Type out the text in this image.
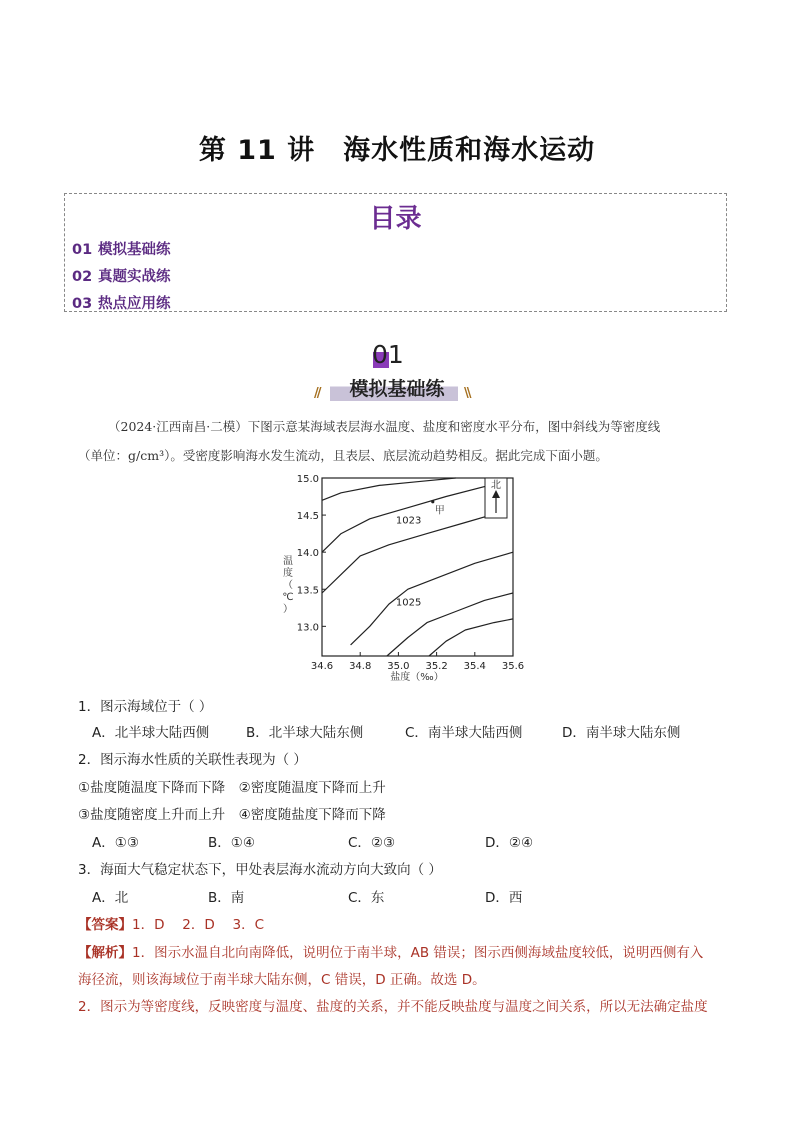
第 11 讲　海水性质和海水运动
目录
01 模拟基础练
02 真题实战练
03 热点应用练
01
//	模拟基础练	\\
（2024·江西南昌·二模）下图示意某海域表层海水温度、盐度和密度水平分布，图中斜线为等密度线
（单位：g/cm³）。受密度影响海水发生流动，且表层、底层流动趋势相反。据此完成下面小题。
34.6 34.8 35.0 35.2 35.4 35.6
15.0
14.5
14.0
13.5
13.0
1023
1025
北
甲
盐度（‰）
温
度
（
℃
）
1．图示海域位于（ ）
A．北半球大陆西侧	B．北半球大陆东侧	C．南半球大陆西侧	D．南半球大陆东侧
2．图示海水性质的关联性表现为（ ）
①盐度随温度下降而下降　②密度随温度下降而上升
③盐度随密度上升而上升　④密度随盐度下降而下降
A．①③	B．①④	C．②③	D．②④
3．海面大气稳定状态下，甲处表层海水流动方向大致向（ ）
A．北	B．南	C．东	D．西
【答案】1．D　 2．D　 3．C
【解析】1．图示水温自北向南降低，说明位于南半球，AB 错误；图示西侧海域盐度较低，说明西侧有入
海径流，则该海域位于南半球大陆东侧，C 错误，D 正确。故选 D。
2．图示为等密度线，反映密度与温度、盐度的关系，并不能反映盐度与温度之间关系，所以无法确定盐度
